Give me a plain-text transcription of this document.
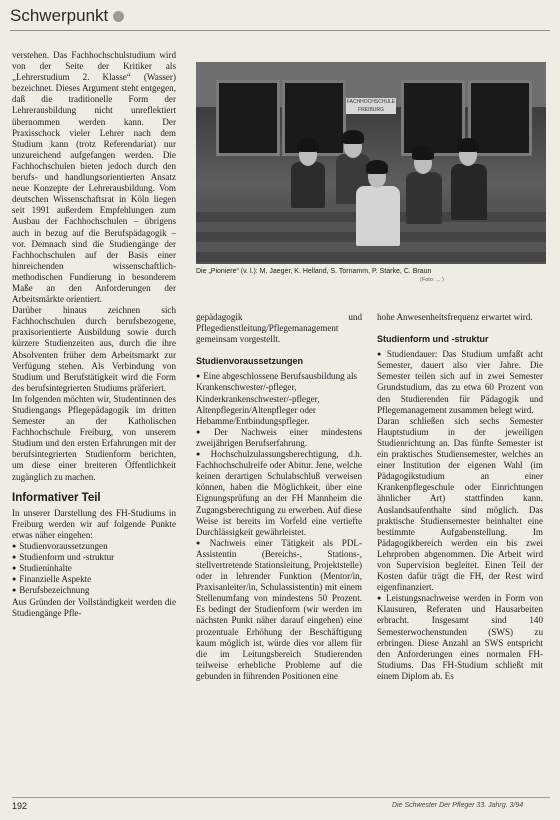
Schwerpunkt

verstehen. Das Fachhochschulstudium wird von der Seite der Kritiker als „Lehrerstudium 2. Klasse“ (Wasser) bezeichnet. Dieses Argument steht entgegen, daß die traditionelle Form der Lehrerausbildung nicht unreflektiert übernommen werden kann. Der Praxisschock vieler Lehrer nach dem Studium kann (trotz Referendariat) nur unzureichend aufgefangen werden. Die Fachhochschulen bieten jedoch durch den berufs- und handlungsorientierten Ansatz neue Konzepte der Lehrerausbildung. Vom deutschen Wissenschaftsrat in Köln liegen seit 1991 außerdem Empfehlungen zum Ausbau der Fachhochschulen – übrigens auch in bezug auf die Berufspädagogik – vor. Demnach sind die Studiengänge der Fachhochschulen auf der Basis einer hinreichenden wissenschaftlich-methodischen Fundierung in besonderem Maße an den Anforderungen der Arbeitsmärkte orientiert.

Darüber hinaus zeichnen sich Fachhochschulen durch berufsbezogene, praxisorientierte Ausbildung sowie durch kürzere Studienzeiten aus, durch die ihre Absolventen früher dem Arbeitsmarkt zur Verfügung stehen. Als Verbindung von Studium und Berufstätigkeit wird die Form des berufsintegrierten Studiums präferiert.

Im folgenden möchten wir, Studentinnen des Studiengangs Pflegepädagogik im dritten Semester an der Katholischen Fachhochschule Freiburg, von unserem Studium und den ersten Erfahrungen mit der berufsintegrierten Studienform berichten, um diese einer breiteren Öffentlichkeit zugänglich zu machen.

Informativer Teil

In unserer Darstellung des FH-Studiums in Freiburg werden wir auf folgende Punkte etwas näher eingehen:

● Studienvoraussetzungen
● Studienform und -struktur
● Studieninhalte
● Finanzielle Aspekte
● Berufsbezeichnung

Aus Gründen der Vollständigkeit werden die Studiengänge Pfle-

FACHHOCHSCHULE FREIBURG
Die „Pioniere“ (v. l.): M. Jaeger, K. Helland, S. Tornamm, P. Starke, C. Braun
(Foto: ... )

gepädagogik und Pflegedienstleitung/Pflegemanagement gemeinsam vorgestellt.

Studienvoraussetzungen
● Eine abgeschlossene Berufsausbildung als

Krankenschwester/-pfleger,

Kinderkrankenschwester/-pfleger,

Altenpflegerin/Altenpfleger oder

Hebamme/Entbindungspfleger.

● Der Nachweis einer mindestens zweijährigen Berufserfahrung.
● Hochschulzulassungsberechtigung, d.h. Fachhochschulreife oder Abitur. Jene, welche keinen derartigen Schulabschluß verweisen können, haben die Möglichkeit, über eine Eignungsprüfung an der FH Mannheim die Zugangsberechtigung zu erwerben. Auf diese Weise ist bereits im Vorfeld eine vertiefte Durchlässigkeit gewährleistet.
● Nachweis einer Tätigkeit als PDL-Assistentin (Bereichs-, Stations-, stellvertretende Stationsleitung, Projektstelle) oder in lehrender Funktion (Mentor/in, Praxisanleiter/in, Schulassistentin) mit einem Stellenumfang von mindestens 50 Prozent. Es bedingt der Studienform (wir werden im nächsten Punkt näher darauf eingehen) eine prozentuale Erhöhung der Beschäftigung kaum möglich ist, würde dies vor allem für die im Leitungsbereich Studierenden teilweise erhebliche Probleme auf die gebunden in führenden Positionen eine

hohe Anwesenheitsfrequenz erwartet wird.

Studienform und -struktur
● Studiendauer: Das Studium umfaßt acht Semester, dauert also vier Jahre. Die Semester teilen sich auf in zwei Semester Grundstudium, das zu etwa 60 Prozent von den Studierenden für Pädagogik und Pflegemanagement zusammen belegt wird.

Daran schließen sich sechs Semester Hauptstudium in der jeweiligen Studienrichtung an. Das fünfte Semester ist ein praktisches Studiensemester, welches an einer Institution der eigenen Wahl (im Pädagogikstudium an einer Krankenpflegeschule oder Einrichtungen ähnlicher Art) stattfinden kann. Auslandsaufenthalte sind möglich. Das praktische Studiensemester beinhaltet eine bestimmte Aufgabenstellung. Im Pädagogikbereich werden ein bis zwei Lehrproben abgenommen. Die Arbeit wird von Supervision begleitet. Einen Teil der Kosten dafür trägt die FH, der Rest wird eigenfinanziert.

● Leistungsnachweise werden in Form von Klausuren, Referaten und Hausarbeiten erbracht. Insgesamt sind 140 Semesterwochenstunden (SWS) zu erbringen. Diese Anzahl an SWS entspricht den Anforderungen eines normalen FH-Studiums. Das FH-Studium schließt mit einem Diplom ab. Es
192	Die Schwester Der Pfleger 33. Jahrg. 3/94
